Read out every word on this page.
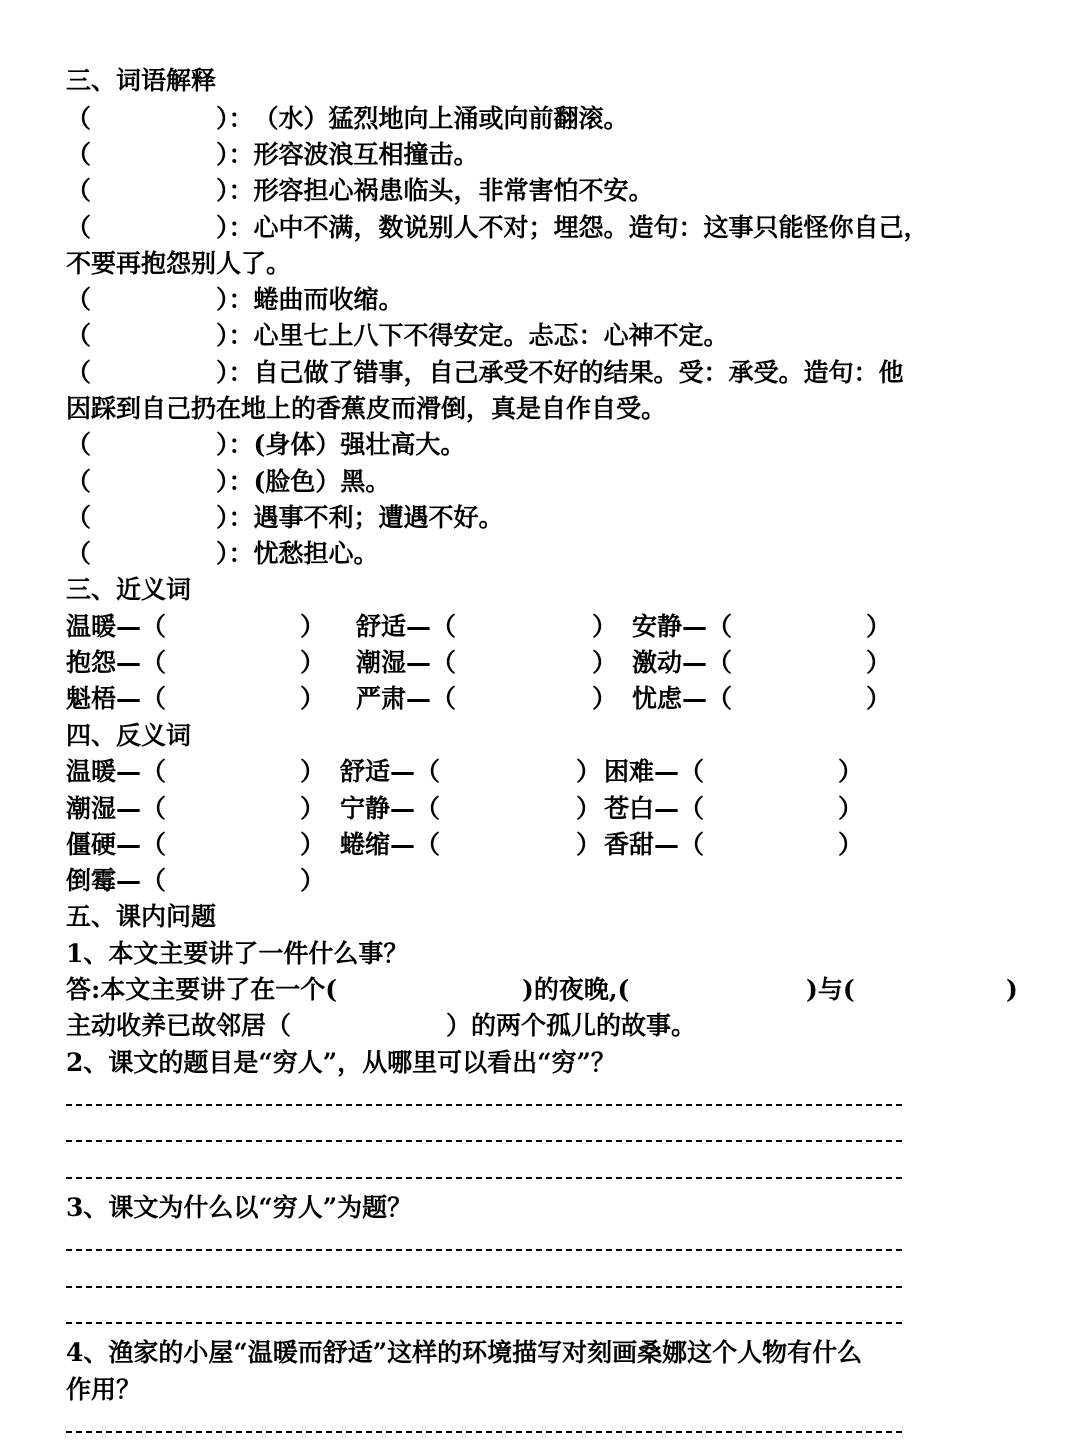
三、词语解释
（	）：（水）猛烈地向上涌或向前翻滚。
（	）：形容波浪互相撞击。
（	）：形容担心祸患临头，非常害怕不安。
（	）：心中不满，数说别人不对；埋怨。造句：这事只能怪你自己，
不要再抱怨别人了。
（	）：蜷曲而收缩。
（	）：心里七上八下不得安定。忐忑：心神不定。
（	）：自己做了错事，自己承受不好的结果。受：承受。造句：他
因踩到自己扔在地上的香蕉皮而滑倒，真是自作自受。
（	）：(身体）强壮高大。
（	）：(脸色）黑。
（	）：遇事不利；遭遇不好。
（	）：忧愁担心。
三、近义词
温暖—（	） 舒适—（	） 安静—（	）
抱怨—（	） 潮湿—（	） 激动—（	）
魁梧—（	） 严肃—（	） 忧虑—（	）
四、反义词
温暖—（	） 舒适—（	） 困难—（	）
潮湿—（	） 宁静—（	） 苍白—（	）
僵硬—（	） 蜷缩—（	） 香甜—（	）
倒霉—（	）
五、课内问题
1、本文主要讲了一件什么事？
答:本文主要讲了在一个(	)的夜晚,(	)与(	)
主动收养已故邻居（	）的两个孤儿的故事。
2、课文的题目是“穷人”，从哪里可以看出“穷”？
3、课文为什么以“穷人”为题？
4、渔家的小屋“温暖而舒适”这样的环境描写对刻画桑娜这个人物有什么
作用？
